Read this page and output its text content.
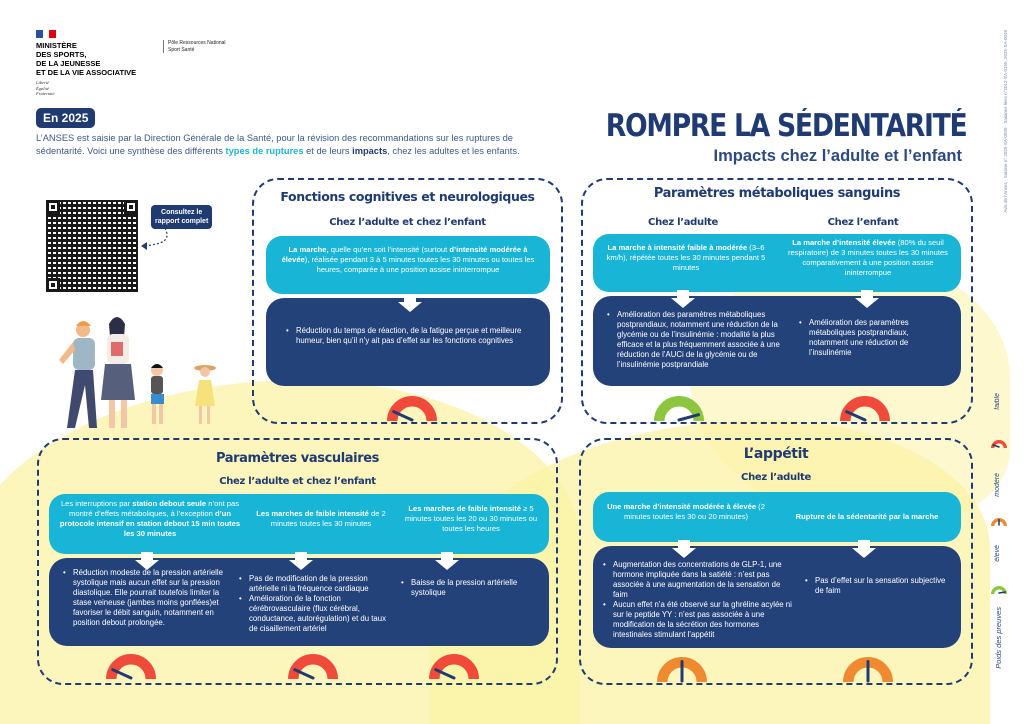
MINISTÈRE
DES SPORTS,
DE LA JEUNESSE
ET DE LA VIE ASSOCIATIVE
Liberté
Égalité
Fraternité
Pôle Ressources National
Sport Santé
En 2025

L’ANSES est saisie par la Direction Générale de la Santé, pour la révision des recommandations sur les ruptures de sédentarité. Voici une synthèse des différents types de ruptures et de leurs impacts, chez les adultes et les enfants.

ROMPRE LA SÉDENTARITÉ
Impacts chez l’adulte et l’enfant	Avis de l’Anses · Saisine n° 2025-SA-0030 · Saisines liées n°2012-SA-0155, 2025-SA-0048
Consultez le
rapport complet
Fonctions cognitives et neurologiques
Chez l’adulte et chez l’enfant
La marche, quelle qu’en soit l’intensité (surtout d’intensité modérée à élevée), réalisée pendant 3 à 5 minutes toutes les 30 minutes ou toutes les heures, comparée à une position assise ininterrompue
• Réduction du temps de réaction, de la fatigue perçue et meilleure humeur, bien qu’il n’y ait pas d’effet sur les fonctions cognitives
Paramètres métaboliques sanguins
Chez l’adulte	Chez l’enfant
La marche à intensité faible à modérée (3–6 km/h), répétée toutes les 30 minutes pendant 5 minutes
La marche d’intensité élevée (80% du seuil respiratoire) de 3 minutes toutes les 30 minutes comparativement à une position assise ininterrompue
• Amélioration des paramètres métaboliques postprandiaux, notamment une réduction de la glycémie ou de l’insulinémie : modalité la plus efficace et la plus fréquemment associée à une réduction de l’AUCi de la glycémie ou de l’insulinémie postprandiale
• Amélioration des paramètres métaboliques postprandiaux, notamment une réduction de l’insulinémie
Paramètres vasculaires
Chez l’adulte et chez l’enfant
Les interruptions par station debout seule n’ont pas montré d’effets métaboliques, à l’exception d’un protocole intensif en station debout 15 min toutes les 30 minutes
Les marches de faible intensité de 2 minutes toutes les 30 minutes
Les marches de faible intensité ≥ 5 minutes toutes les 20 ou 30 minutes ou toutes les heures
• Réduction modeste de la pression artérielle systolique mais aucun effet sur la pression diastolique. Elle pourrait toutefois limiter la stase veineuse (jambes moins gonflées)et favoriser le débit sanguin, notamment en position debout prolongée.
• Pas de modification de la pression artérielle ni la fréquence cardiaque
• Amélioration de la fonction cérébrovasculaire (flux cérébral, conductance, autorégulation) et du taux de cisaillement artériel
• Baisse de la pression artérielle systolique
L’appétit
Chez l’adulte
Une marche d’intensité modérée à élevée (2 minutes toutes les 30 ou 20 minutes)	Rupture de la sédentarité par la marche
• Augmentation des concentrations de GLP-1, une hormone impliquée dans la satiété : n’est pas associée à une augmentation de la sensation de faim
• Aucun effet n’a été observé sur la ghréline acylée ni sur le peptide YY : n’est pas associée à une modification de la sécrétion des hormones intestinales stimulant l’appétit
• Pas d’effet sur la sensation subjective de faim
faible
modéré
élevé
Poids des preuves
